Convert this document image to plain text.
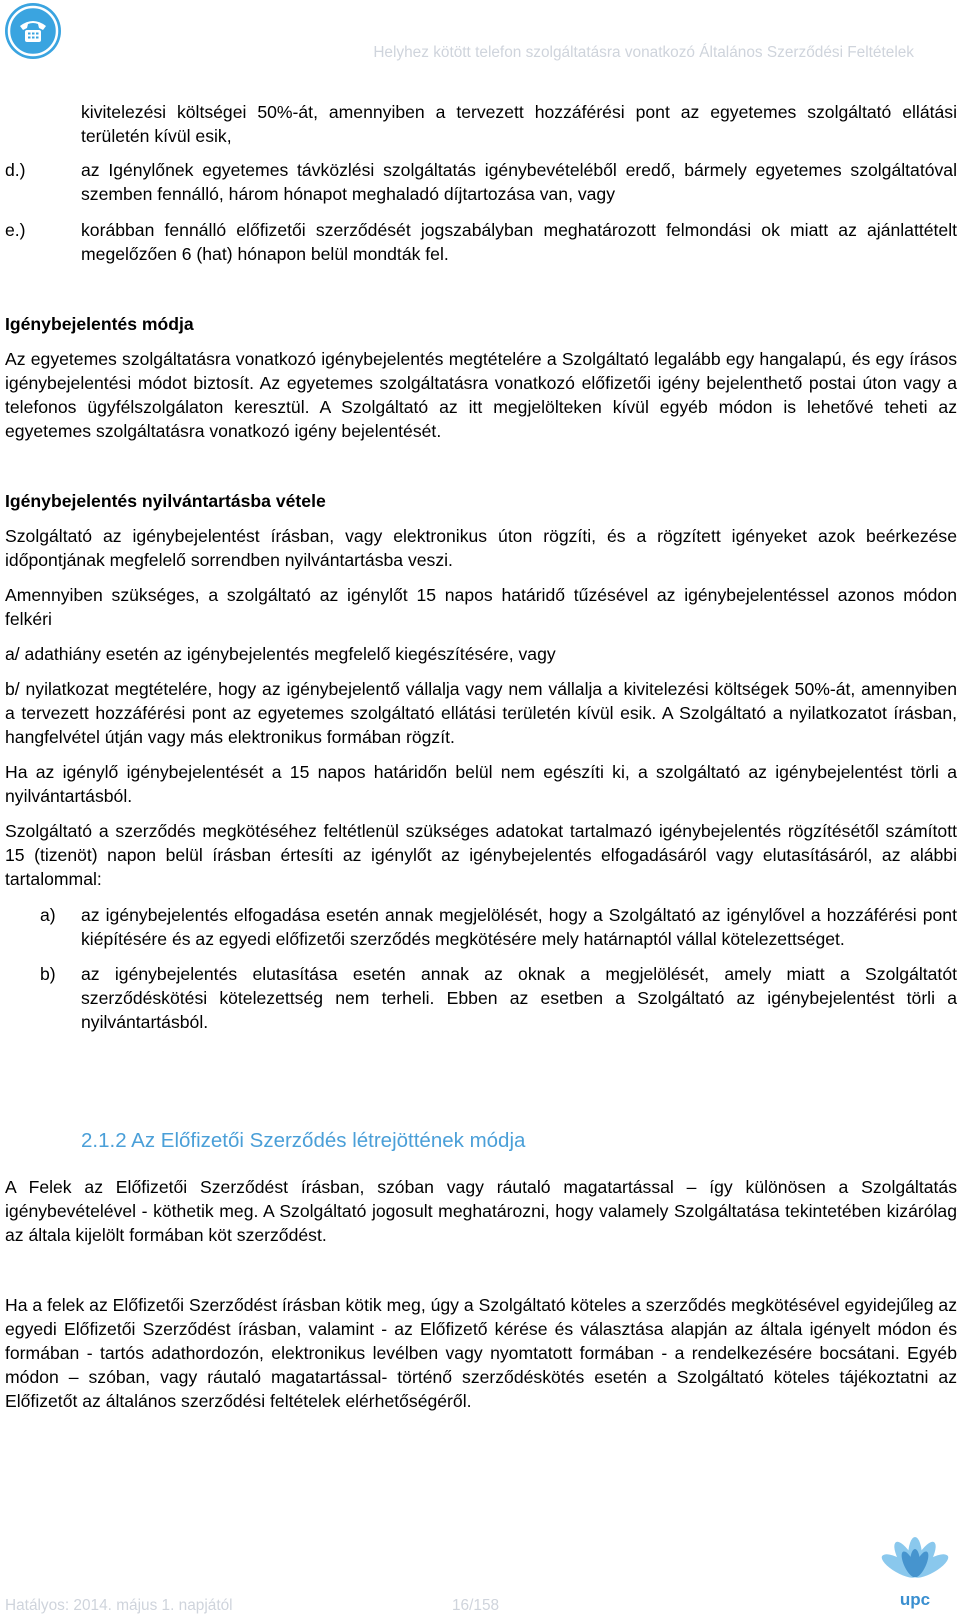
Helyhez kötött telefon szolgáltatásra vonatkozó Általános Szerződési Feltételek
kivitelezési költségei 50%-át, amennyiben a tervezett hozzáférési pont az egyetemes szolgáltató ellátási területén kívül esik,
d.)	az Igénylőnek egyetemes távközlési szolgáltatás igénybevételéből eredő, bármely egyetemes szolgáltatóval szemben fennálló, három hónapot meghaladó díjtartozása van, vagy
e.)	korábban fennálló előfizetői szerződését jogszabályban meghatározott felmondási ok miatt az ajánlattételt megelőzően 6 (hat) hónapon belül mondták fel.

Igénybejelentés módja

Az egyetemes szolgáltatásra vonatkozó igénybejelentés megtételére a Szolgáltató legalább egy hangalapú, és egy írásos igénybejelentési módot biztosít. Az egyetemes szolgáltatásra vonatkozó előfizetői igény bejelenthető postai úton vagy a telefonos ügyfélszolgálaton keresztül. A Szolgáltató az itt megjelölteken kívül egyéb módon is lehetővé teheti az egyetemes szolgáltatásra vonatkozó igény bejelentését.

Igénybejelentés nyilvántartásba vétele

Szolgáltató az igénybejelentést írásban, vagy elektronikus úton rögzíti, és a rögzített igényeket azok beérkezése időpontjának megfelelő sorrendben nyilvántartásba veszi.

Amennyiben szükséges, a szolgáltató az igénylőt 15 napos határidő tűzésével az igénybejelentéssel azonos módon felkéri

a/ adathiány esetén az igénybejelentés megfelelő kiegészítésére, vagy

b/ nyilatkozat megtételére, hogy az igénybejelentő vállalja vagy nem vállalja a kivitelezési költségek 50%-át, amennyiben a tervezett hozzáférési pont az egyetemes szolgáltató ellátási területén kívül esik. A Szolgáltató a nyilatkozatot írásban, hangfelvétel útján vagy más elektronikus formában rögzít.

Ha az igénylő igénybejelentését a 15 napos határidőn belül nem egészíti ki, a szolgáltató az igénybejelentést törli a nyilvántartásból.

Szolgáltató a szerződés megkötéséhez feltétlenül szükséges adatokat tartalmazó igénybejelentés rögzítésétől számított 15 (tizenöt) napon belül írásban értesíti az igénylőt az igénybejelentés elfogadásáról vagy elutasításáról, az alábbi tartalommal:

a)	az igénybejelentés elfogadása esetén annak megjelölését, hogy a Szolgáltató az igénylővel a hozzáférési pont kiépítésére és az egyedi előfizetői szerződés megkötésére mely határnaptól vállal kötelezettséget.
b)	az igénybejelentés elutasítása esetén annak az oknak a megjelölését, amely miatt a Szolgáltatót szerződéskötési kötelezettség nem terheli. Ebben az esetben a Szolgáltató az igénybejelentést törli a nyilvántartásból.

2.1.2 Az Előfizetői Szerződés létrejöttének módja

A Felek az Előfizetői Szerződést írásban, szóban vagy ráutaló magatartással – így különösen a Szolgáltatás igénybevételével - köthetik meg. A Szolgáltató jogosult meghatározni, hogy valamely Szolgáltatása tekintetében kizárólag az általa kijelölt formában köt szerződést.

Ha a felek az Előfizetői Szerződést írásban kötik meg, úgy a Szolgáltató köteles a szerződés megkötésével egyidejűleg az egyedi Előfizetői Szerződést írásban, valamint - az Előfizető kérése és választása alapján az általa igényelt módon és formában - tartós adathordozón, elektronikus levélben vagy nyomtatott formában - a rendelkezésére bocsátani. Egyéb módon – szóban, vagy ráutaló magatartással- történő szerződéskötés esetén a Szolgáltató köteles tájékoztatni az Előfizetőt az általános szerződési feltételek elérhetőségéről.

Hatályos: 2014. május 1. napjától	16/158	upc
